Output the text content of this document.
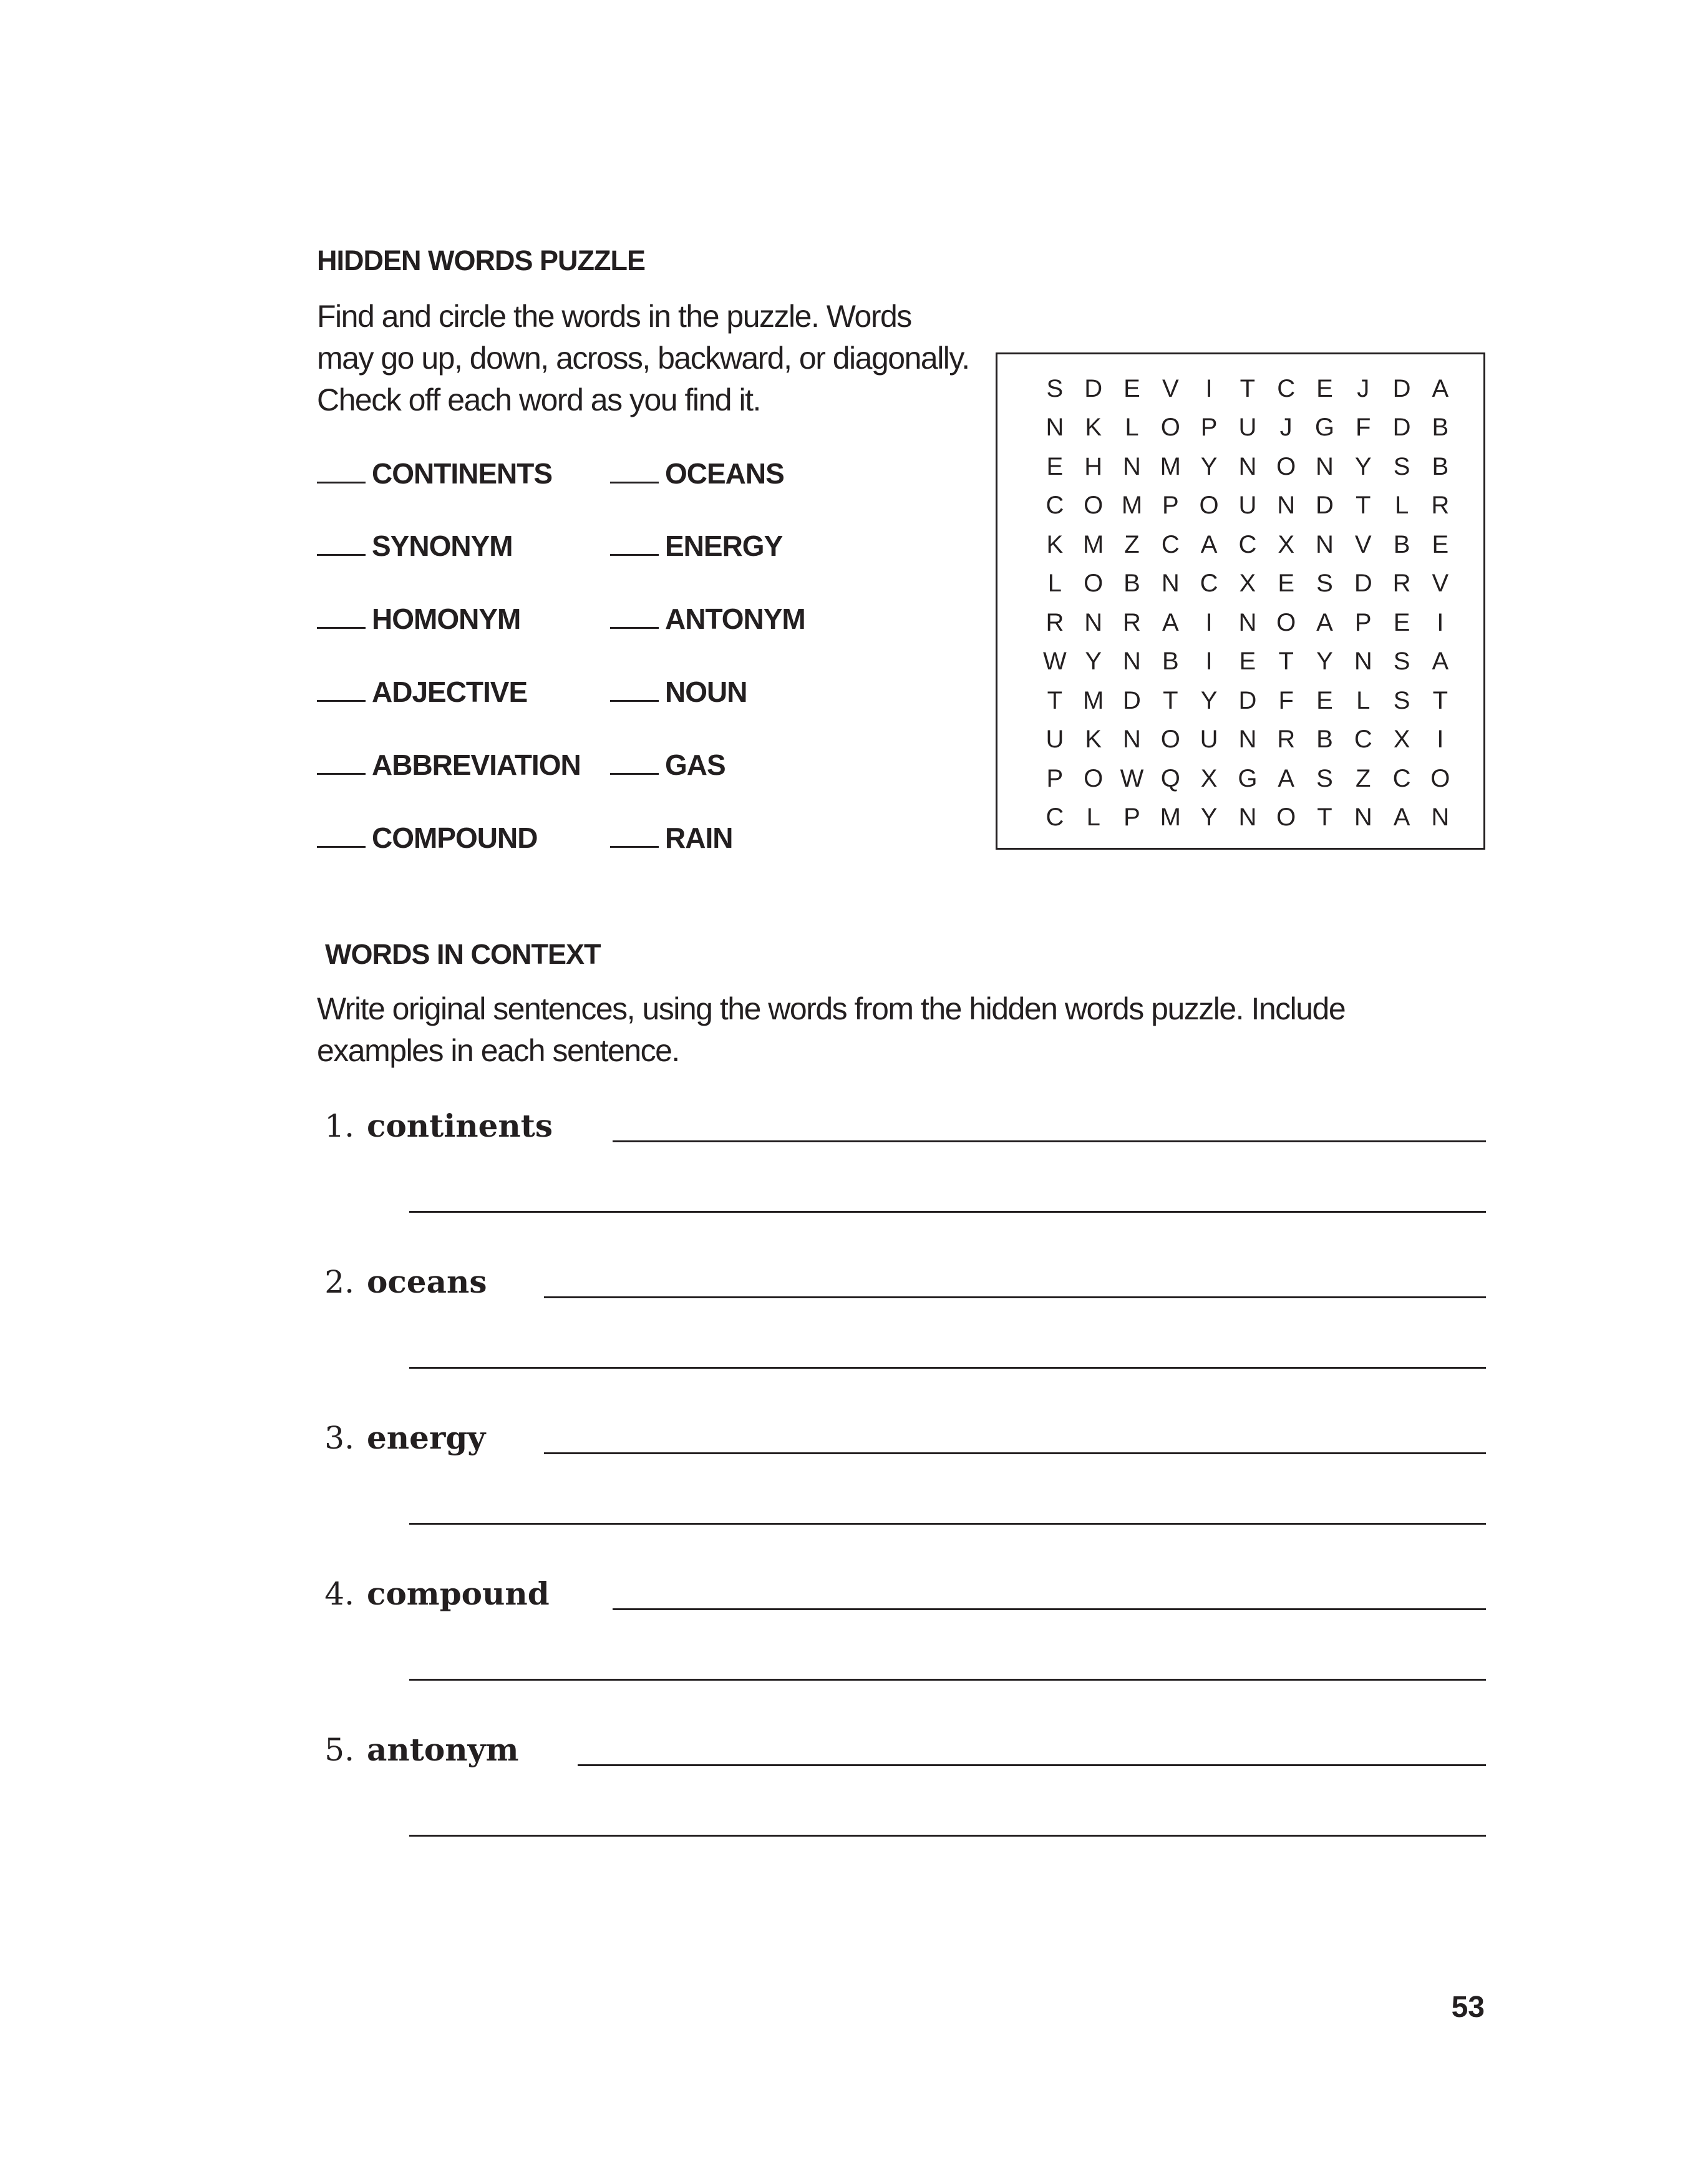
HIDDEN WORDS PUZZLE
Find and circle the words in the puzzle. Words
may go up, down, across, backward, or diagonally.
Check off each word as you find it.
CONTINENTS	OCEANS
SYNONYM	ENERGY
HOMONYM	ANTONYM
ADJECTIVE	NOUN
ABBREVIATION	GAS
COMPOUND	RAIN
S D E V	I	T C E J D A
N K L O P U J G F D B
E H N M Y N O N Y S B
C O M P O U N D T L R
K M Z C A C X N V B E
L O B N C X E S D R V
R N R A	I	N O A P E	I
W Y N B	I	E T Y N S A
T M D T Y D F E L S T
U K N O U N R B C X	I
P O W Q X G A S Z C O
C L P M Y N O T N A N
WORDS IN CONTEXT
Write original sentences, using the words from the hidden words puzzle. Include
examples in each sentence.
1. continents
2. oceans
3. energy
4. compound
5. antonym
53
